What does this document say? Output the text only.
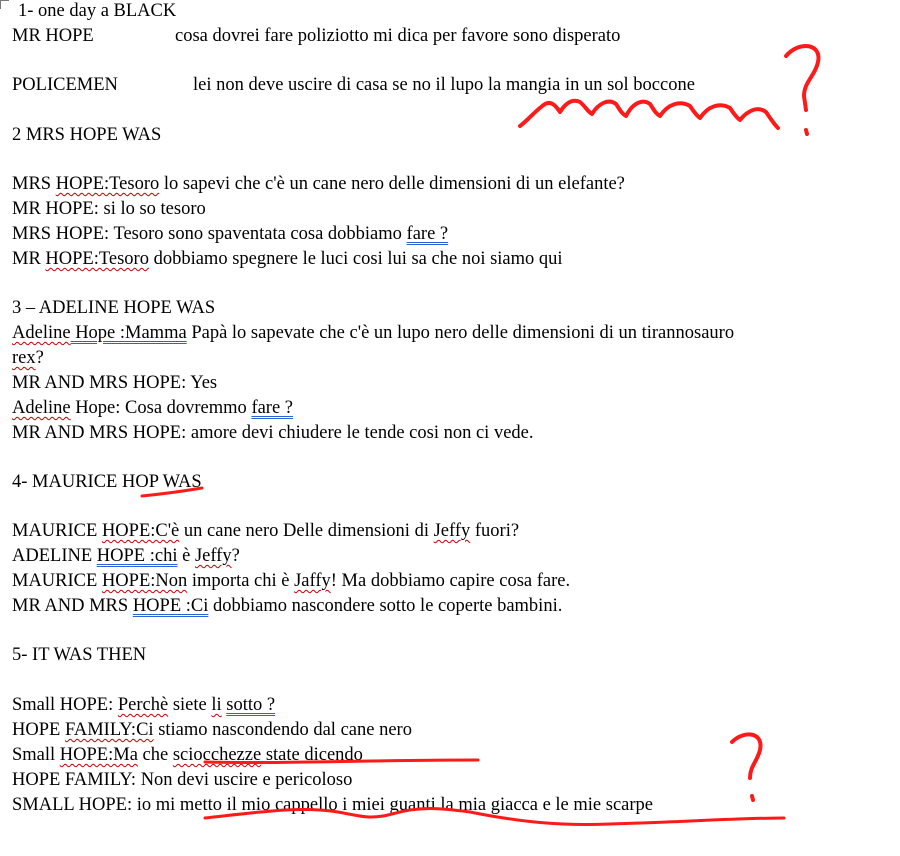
1- one day a BLACK
MR HOPE	cosa dovrei fare poliziotto mi dica per favore sono disperato
POLICEMEN	lei non deve uscire di casa se no il lupo la mangia in un sol boccone
2 MRS HOPE WAS
MRS HOPE:Tesoro lo sapevi che c'è un cane nero delle dimensioni di un elefante?
MR HOPE: si lo so tesoro
MRS HOPE: Tesoro sono spaventata cosa dobbiamo fare ?
MR HOPE:Tesoro dobbiamo spegnere le luci cosi lui sa che noi siamo qui
3 – ADELINE HOPE WAS
Adeline Hope :Mamma Papà lo sapevate che c'è un lupo nero delle dimensioni di un tirannosauro
rex?
MR AND MRS HOPE: Yes
Adeline Hope: Cosa dovremmo fare ?
MR AND MRS HOPE: amore devi chiudere le tende cosi non ci vede.
4- MAURICE HOP WAS
MAURICE HOPE:C'è un cane nero Delle dimensioni di Jeffy fuori?
ADELINE HOPE :chi è Jeffy?
MAURICE HOPE:Non importa chi è Jaffy! Ma dobbiamo capire cosa fare.
MR AND MRS HOPE :Ci dobbiamo nascondere sotto le coperte bambini.
5- IT WAS THEN
Small HOPE: Perchè siete li sotto ?
HOPE FAMILY:Ci stiamo nascondendo dal cane nero
Small HOPE:Ma che sciocchezze state dicendo
HOPE FAMILY: Non devi uscire e pericoloso
SMALL HOPE: io mi metto il mio cappello i miei guanti la mia giacca e le mie scarpe
